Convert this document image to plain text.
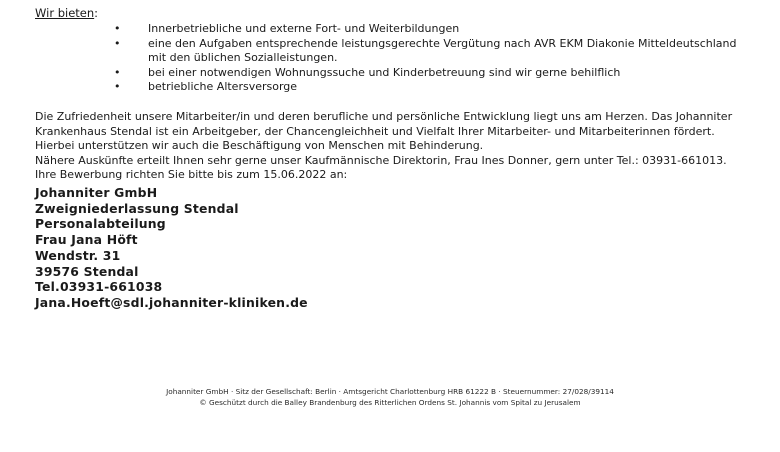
Wir bieten:
•	Innerbetriebliche und externe Fort- und Weiterbildungen
•	eine den Aufgaben entsprechende leistungsgerechte Vergütung nach AVR EKM Diakonie Mitteldeutschland
mit den üblichen Sozialleistungen.
•	bei einer notwendigen Wohnungssuche und Kinderbetreuung sind wir gerne behilflich
•	betriebliche Altersversorge

Die Zufriedenheit unsere Mitarbeiter/in und deren berufliche und persönliche Entwicklung liegt uns am Herzen. Das Johanniter Krankenhaus Stendal ist ein Arbeitgeber, der Chancengleichheit und Vielfalt Ihrer Mitarbeiter- und Mitarbeiterinnen fördert. Hierbei unterstützen wir auch die Beschäftigung von Menschen mit Behinderung.

Nähere Auskünfte erteilt Ihnen sehr gerne unser Kaufmännische Direktorin, Frau Ines Donner, gern unter Tel.: 03931-661013.

Ihre Bewerbung richten Sie bitte bis zum 15.06.2022 an:

Johanniter GmbH
Zweigniederlassung Stendal
Personalabteilung
Frau Jana Höft
Wendstr. 31
39576 Stendal
Tel.03931-661038
Jana.Hoeft@sdl.johanniter-kliniken.de
Johanniter GmbH · Sitz der Gesellschaft: Berlin · Amtsgericht Charlottenburg HRB 61222 B · Steuernummer: 27/028/39114
© Geschützt durch die Balley Brandenburg des Ritterlichen Ordens St. Johannis vom Spital zu Jerusalem
